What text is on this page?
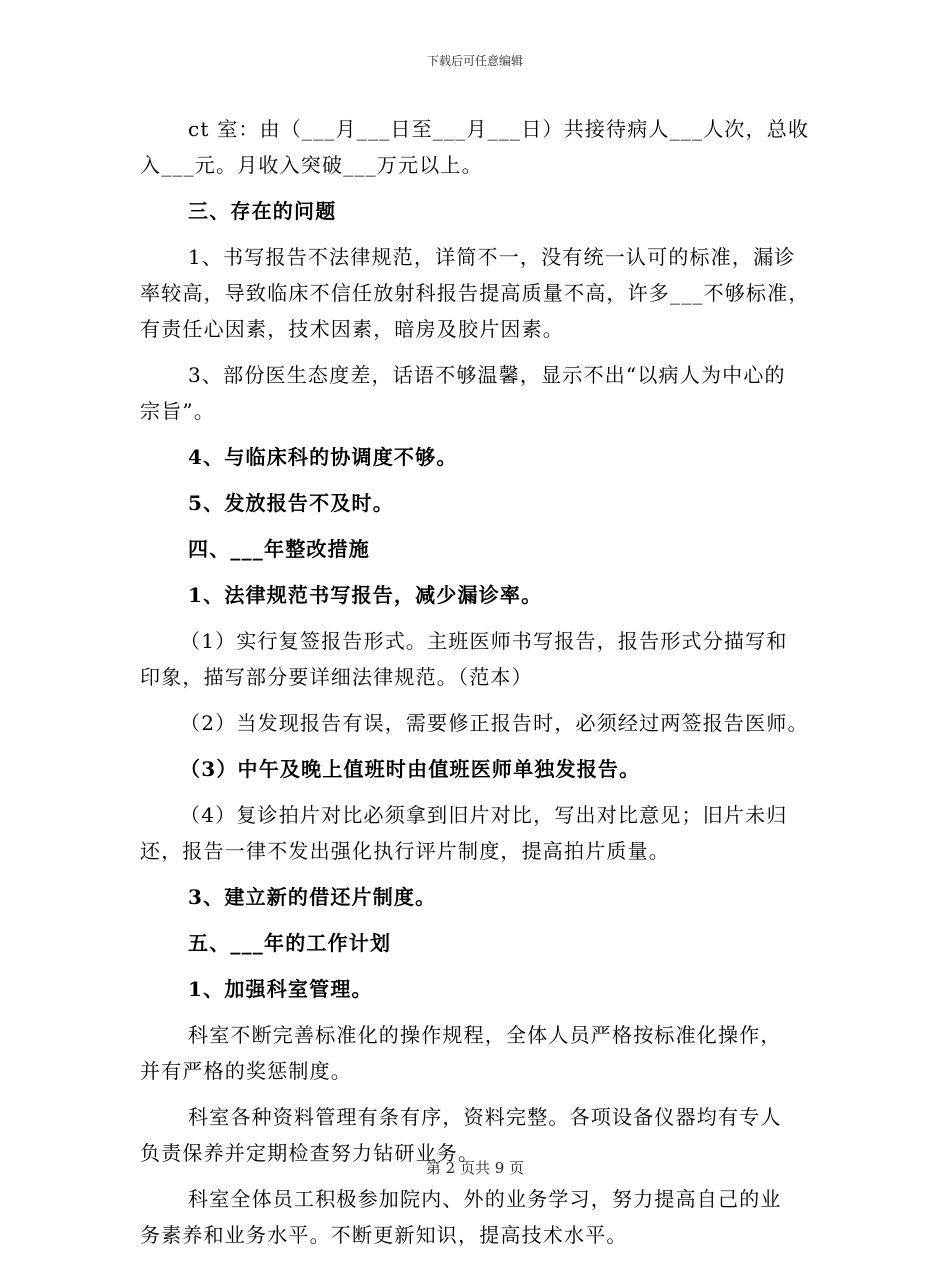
下载后可任意编辑
ct 室：由（___月___日至___月___日）共接待病人___人次，总收
入___元。月收入突破___万元以上。
三、存在的问题
1、书写报告不法律规范，详简不一，没有统一认可的标准，漏诊
率较高，导致临床不信任放射科报告提高质量不高，许多___不够标准，
有责任心因素，技术因素，暗房及胶片因素。
3、部份医生态度差，话语不够温馨，显示不出“以病人为中心的
宗旨”。
4、与临床科的协调度不够。
5、发放报告不及时。
四、___年整改措施
1、法律规范书写报告，减少漏诊率。
（1）实行复签报告形式。主班医师书写报告，报告形式分描写和
印象，描写部分要详细法律规范。（范本）
（2）当发现报告有误，需要修正报告时，必须经过两签报告医师。
（3）中午及晚上值班时由值班医师单独发报告。
（4）复诊拍片对比必须拿到旧片对比，写出对比意见；旧片未归
还，报告一律不发出强化执行评片制度，提高拍片质量。
3、建立新的借还片制度。
五、___年的工作计划
1、加强科室管理。
科室不断完善标准化的操作规程，全体人员严格按标准化操作，
并有严格的奖惩制度。
科室各种资料管理有条有序，资料完整。各项设备仪器均有专人
负责保养并定期检查努力钻研业务。
科室全体员工积极参加院内、外的业务学习，努力提高自己的业
务素养和业务水平。不断更新知识，提高技术水平。
第 2 页共 9 页
